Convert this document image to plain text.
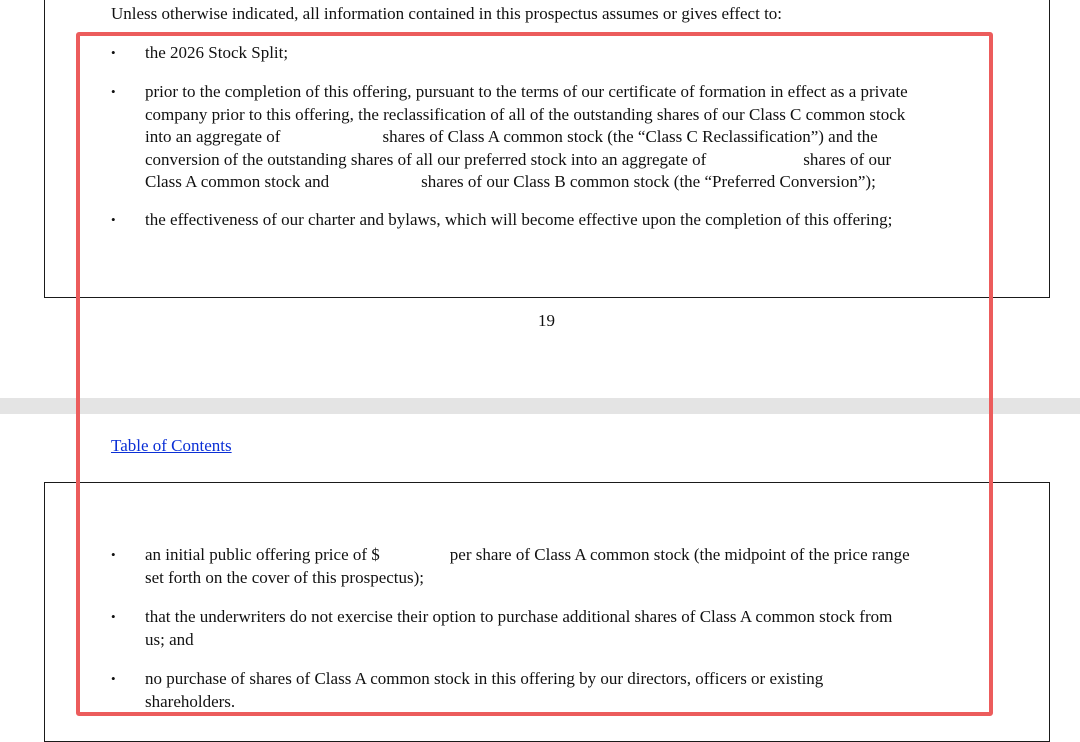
Unless otherwise indicated, all information contained in this prospectus assumes or gives effect to:
• the 2026 Stock Split;
• prior to the completion of this offering, pursuant to the terms of our certificate of formation in effect as a private
company prior to this offering, the reclassification of all of the outstanding shares of our Class C common stock
into an aggregate of	shares of Class A common stock (the “Class C Reclassification”) and the
conversion of the outstanding shares of all our preferred stock into an aggregate of	shares of our
Class A common stock and	shares of our Class B common stock (the “Preferred Conversion”);
• the effectiveness of our charter and bylaws, which will become effective upon the completion of this offering;
19
Table of Contents
• an initial public offering price of $	per share of Class A common stock (the midpoint of the price range
set forth on the cover of this prospectus);
• that the underwriters do not exercise their option to purchase additional shares of Class A common stock from
us; and
• no purchase of shares of Class A common stock in this offering by our directors, officers or existing
shareholders.
